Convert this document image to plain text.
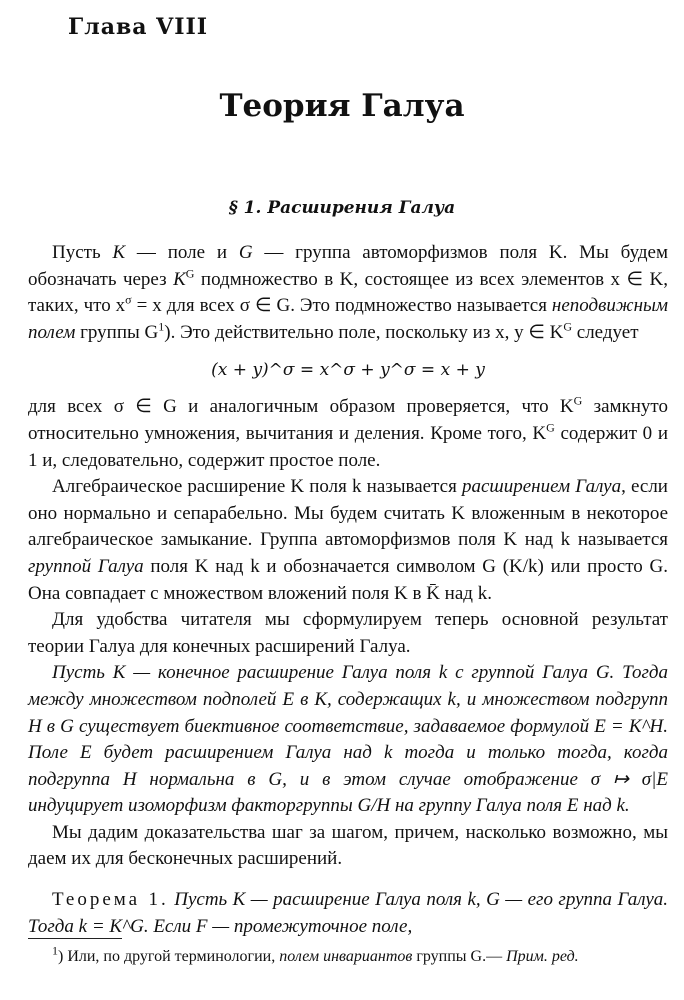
Глава VIII
Теория Галуа
§ 1. Расширения Галуа

Пусть K — поле и G — группа автоморфизмов поля K. Мы будем обозначать через $K^G$ подмножество в K, состоящее из всех элементов x ∈ K, таких, что $x^\sigma = x$ для всех σ ∈ G. Это подмножество называется неподвижным полем группы $G^1$). Это действительно поле, поскольку из x, y ∈ $K^G$ следует

(x + y)^σ = x^σ + y^σ = x + y

для всех σ ∈ G и аналогичным образом проверяется, что $K^G$ замкнуто относительно умножения, вычитания и деления. Кроме того, $K^G$ содержит 0 и 1 и, следовательно, содержит простое поле.

Алгебраическое расширение K поля k называется расширением Галуа, если оно нормально и сепарабельно. Мы будем считать K вложенным в некоторое алгебраическое замыкание. Группа автоморфизмов поля K над k называется группой Галуа поля K над k и обозначается символом G (K/k) или просто G. Она совпадает с множеством вложений поля K в K̄ над k.

Для удобства читателя мы сформулируем теперь основной результат теории Галуа для конечных расширений Галуа.

Пусть K — конечное расширение Галуа поля k с группой Галуа G. Тогда между множеством подполей E в K, содержащих k, и множеством подгрупп H в G существует биективное соответствие, задаваемое формулой E = K^H. Поле E будет расширением Галуа над k тогда и только тогда, когда подгруппа H нормальна в G, и в этом случае отображение σ ↦ σ|E индуцирует изоморфизм факторгруппы G/H на группу Галуа поля E над k.

Мы дадим доказательства шаг за шагом, причем, насколько возможно, мы даем их для бесконечных расширений.

Теорема 1. Пусть K — расширение Галуа поля k, G — его группа Галуа. Тогда k = K^G. Если F — промежуточное поле,

$^1$) Или, по другой терминологии, полем инвариантов группы G.— Прим. ред.
